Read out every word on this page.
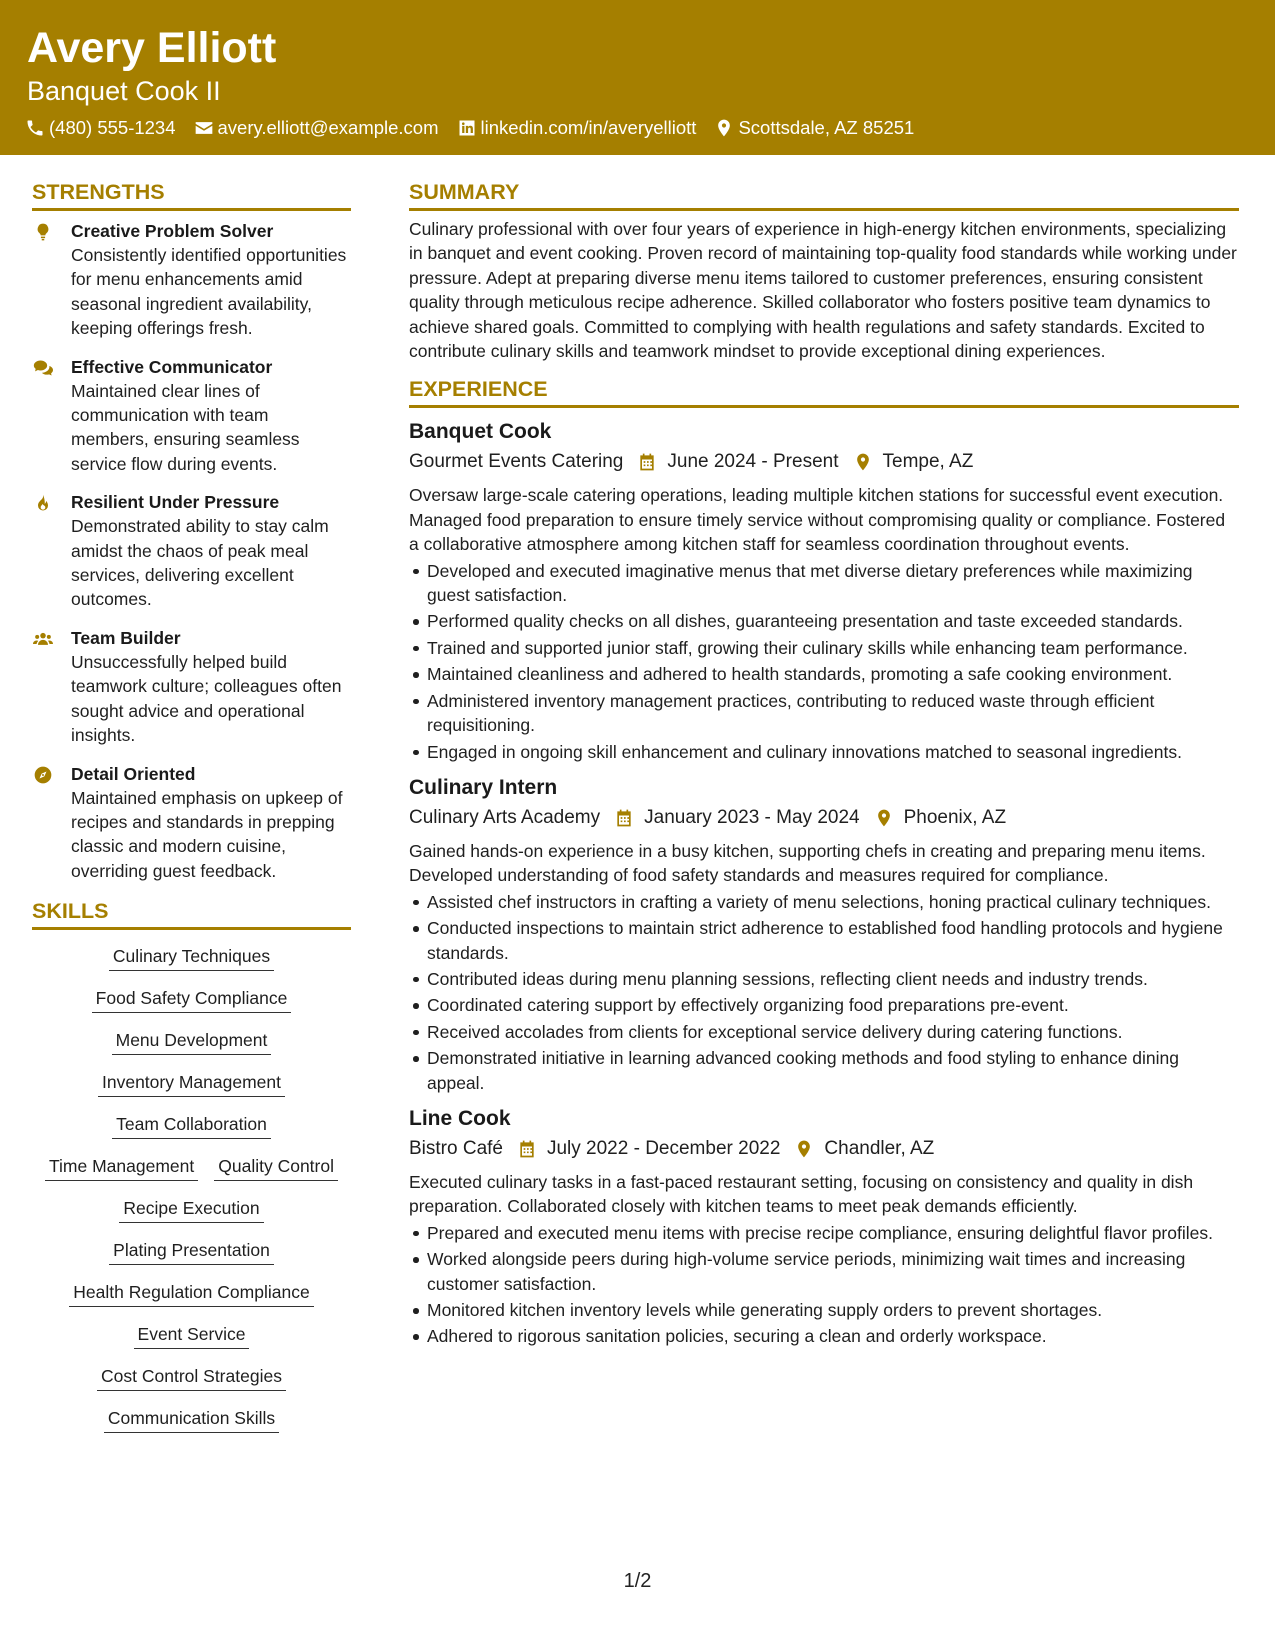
Avery Elliott
Banquet Cook II
(480) 555-1234 avery.elliott@example.com linkedin.com/in/averyelliott Scottsdale, AZ 85251
STRENGTHS
Creative Problem Solver
Consistently identified opportunities for menu enhancements amid seasonal ingredient availability, keeping offerings fresh.
Effective Communicator
Maintained clear lines of communication with team members, ensuring seamless service flow during events.
Resilient Under Pressure
Demonstrated ability to stay calm amidst the chaos of peak meal services, delivering excellent outcomes.
Team Builder
Unsuccessfully helped build teamwork culture; colleagues often sought advice and operational insights.
Detail Oriented
Maintained emphasis on upkeep of recipes and standards in prepping classic and modern cuisine, overriding guest feedback.
SKILLS
Culinary Techniques
Food Safety Compliance
Menu Development
Inventory Management
Team Collaboration
Time Management Quality Control
Recipe Execution
Plating Presentation
Health Regulation Compliance
Event Service
Cost Control Strategies
Communication Skills
SUMMARY

Culinary professional with over four years of experience in high-energy kitchen environments, specializing in banquet and event cooking. Proven record of maintaining top-quality food standards while working under pressure. Adept at preparing diverse menu items tailored to customer preferences, ensuring consistent quality through meticulous recipe adherence. Skilled collaborator who fosters positive team dynamics to achieve shared goals. Committed to complying with health regulations and safety standards. Excited to contribute culinary skills and teamwork mindset to provide exceptional dining experiences.

EXPERIENCE
Banquet Cook
Gourmet Events Catering June 2024 - Present Tempe, AZ
Oversaw large-scale catering operations, leading multiple kitchen stations for successful event execution. Managed food preparation to ensure timely service without compromising quality or compliance. Fostered a collaborative atmosphere among kitchen staff for seamless coordination throughout events.
Developed and executed imaginative menus that met diverse dietary preferences while maximizing guest satisfaction.
Performed quality checks on all dishes, guaranteeing presentation and taste exceeded standards.
Trained and supported junior staff, growing their culinary skills while enhancing team performance.
Maintained cleanliness and adhered to health standards, promoting a safe cooking environment.
Administered inventory management practices, contributing to reduced waste through efficient requisitioning.
Engaged in ongoing skill enhancement and culinary innovations matched to seasonal ingredients.
Culinary Intern
Culinary Arts Academy January 2023 - May 2024 Phoenix, AZ
Gained hands-on experience in a busy kitchen, supporting chefs in creating and preparing menu items. Developed understanding of food safety standards and measures required for compliance.
Assisted chef instructors in crafting a variety of menu selections, honing practical culinary techniques.
Conducted inspections to maintain strict adherence to established food handling protocols and hygiene standards.
Contributed ideas during menu planning sessions, reflecting client needs and industry trends.
Coordinated catering support by effectively organizing food preparations pre-event.
Received accolades from clients for exceptional service delivery during catering functions.
Demonstrated initiative in learning advanced cooking methods and food styling to enhance dining appeal.
Line Cook
Bistro Café July 2022 - December 2022 Chandler, AZ
Executed culinary tasks in a fast-paced restaurant setting, focusing on consistency and quality in dish preparation. Collaborated closely with kitchen teams to meet peak demands efficiently.
Prepared and executed menu items with precise recipe compliance, ensuring delightful flavor profiles.
Worked alongside peers during high-volume service periods, minimizing wait times and increasing customer satisfaction.
Monitored kitchen inventory levels while generating supply orders to prevent shortages.
Adhered to rigorous sanitation policies, securing a clean and orderly workspace.
1/2
